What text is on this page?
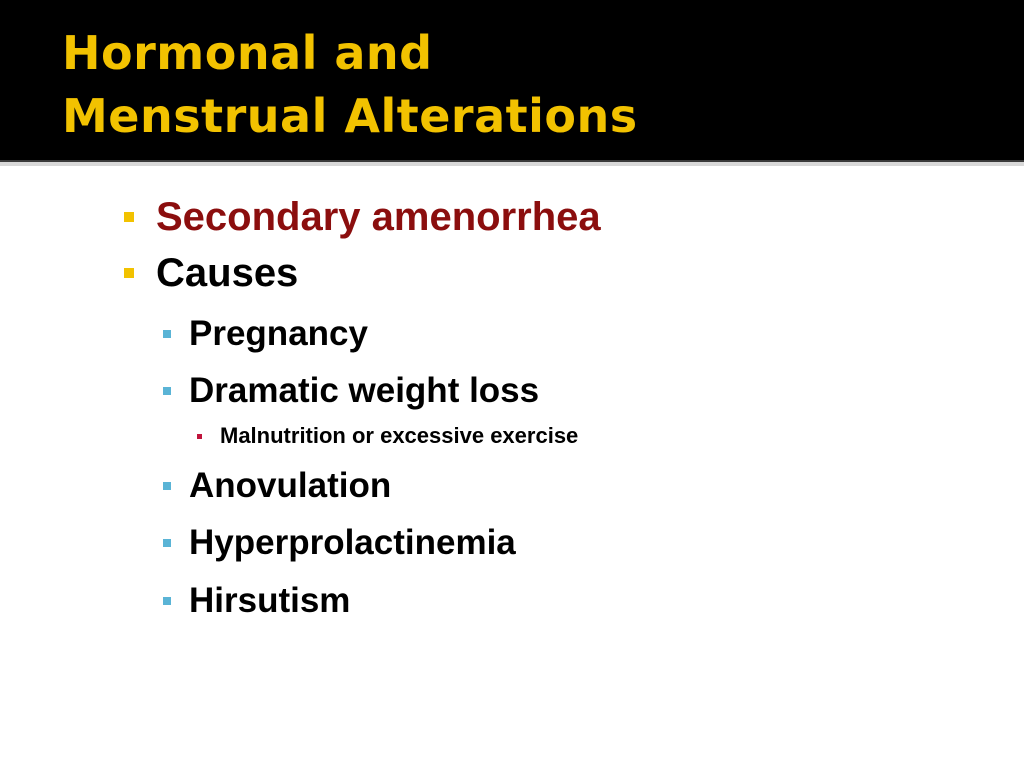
Hormonal and
Menstrual Alterations
Secondary amenorrhea
Causes
Pregnancy
Dramatic weight loss
Malnutrition or excessive exercise
Anovulation
Hyperprolactinemia
Hirsutism
